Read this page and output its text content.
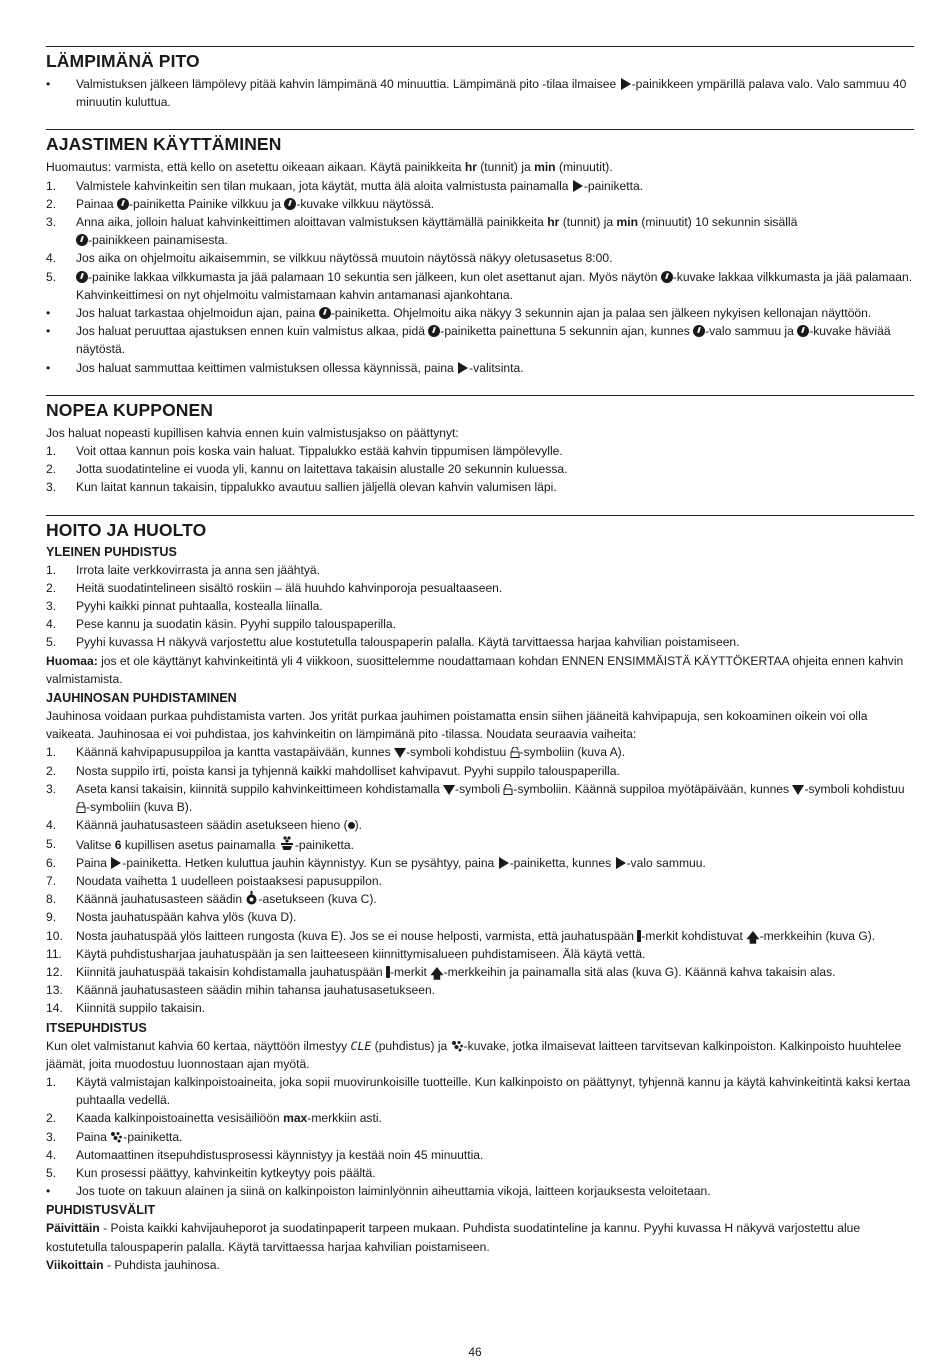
LÄMPIMÄNÄ PITO
•	Valmistuksen jälkeen lämpölevy pitää kahvin lämpimänä 40 minuuttia. Lämpimänä pito -tilaa ilmaisee -painikkeen ympärillä palava valo. Valo sammuu 40 minuutin kuluttua.
AJASTIMEN KÄYTTÄMINEN

Huomautus: varmista, että kello on asetettu oikeaan aikaan. Käytä painikkeita hr (tunnit) ja min (minuutit).

1.	Valmistele kahvinkeitin sen tilan mukaan, jota käytät, mutta älä aloita valmistusta painamalla -painiketta.
2.	Painaa -painiketta Painike vilkkuu ja -kuvake vilkkuu näytössä.
3.	Anna aika, jolloin haluat kahvinkeittimen aloittavan valmistuksen käyttämällä painikkeita hr (tunnit) ja min (minuutit) 10 sekunnin sisällä
-painikkeen painamisesta.
4.	Jos aika on ohjelmoitu aikaisemmin, se vilkkuu näytössä muutoin näytössä näkyy oletusasetus 8:00.
5.	-painike lakkaa vilkkumasta ja jää palamaan 10 sekuntia sen jälkeen, kun olet asettanut ajan. Myös näytön -kuvake lakkaa vilkkumasta ja jää palamaan. Kahvinkeittimesi on nyt ohjelmoitu valmistamaan kahvin antamanasi ajankohtana.
•	Jos haluat tarkastaa ohjelmoidun ajan, paina -painiketta. Ohjelmoitu aika näkyy 3 sekunnin ajan ja palaa sen jälkeen nykyisen kellonajan näyttöön.
•	Jos haluat peruuttaa ajastuksen ennen kuin valmistus alkaa, pidä -painiketta painettuna 5 sekunnin ajan, kunnes -valo sammuu ja -kuvake häviää näytöstä.
•	Jos haluat sammuttaa keittimen valmistuksen ollessa käynnissä, paina -valitsinta.
NOPEA KUPPONEN

Jos haluat nopeasti kupillisen kahvia ennen kuin valmistusjakso on päättynyt:

1.	Voit ottaa kannun pois koska vain haluat. Tippalukko estää kahvin tippumisen lämpölevylle.
2.	Jotta suodatinteline ei vuoda yli, kannu on laitettava takaisin alustalle 20 sekunnin kuluessa.
3.	Kun laitat kannun takaisin, tippalukko avautuu sallien jäljellä olevan kahvin valumisen läpi.
HOITO JA HUOLTO
YLEINEN PUHDISTUS
1.	Irrota laite verkkovirrasta ja anna sen jäähtyä.
2.	Heitä suodatintelineen sisältö roskiin – älä huuhdo kahvinporoja pesualtaaseen.
3.	Pyyhi kaikki pinnat puhtaalla, kostealla liinalla.
4.	Pese kannu ja suodatin käsin. Pyyhi suppilo talouspaperilla.
5.	Pyyhi kuvassa H näkyvä varjostettu alue kostutetulla talouspaperin palalla. Käytä tarvittaessa harjaa kahvilian poistamiseen.

Huomaa: jos et ole käyttänyt kahvinkeitintä yli 4 viikkoon, suosittelemme noudattamaan kohdan ENNEN ENSIMMÄISTÄ KÄYTTÖKERTAA ohjeita ennen kahvin valmistamista.

JAUHINOSAN PUHDISTAMINEN

Jauhinosa voidaan purkaa puhdistamista varten. Jos yrität purkaa jauhimen poistamatta ensin siihen jääneitä kahvipapuja, sen kokoaminen oikein voi olla vaikeata. Jauhinosaa ei voi puhdistaa, jos kahvinkeitin on lämpimänä pito -tilassa. Noudata seuraavia vaiheita:

1.	Käännä kahvipapusuppiloa ja kantta vastapäivään, kunnes -symboli kohdistuu -symboliin (kuva A).
2.	Nosta suppilo irti, poista kansi ja tyhjennä kaikki mahdolliset kahvipavut. Pyyhi suppilo talouspaperilla.
3.	Aseta kansi takaisin, kiinnitä suppilo kahvinkeittimeen kohdistamalla -symboli -symboliin. Käännä suppiloa myötäpäivään, kunnes -symboli kohdistuu -symboliin (kuva B).
4.	Käännä jauhatusasteen säädin asetukseen hieno ( ).
5.	Valitse 6 kupillisen asetus painamalla -painiketta.
6.	Paina -painiketta. Hetken kuluttua jauhin käynnistyy. Kun se pysähtyy, paina -painiketta, kunnes -valo sammuu.
7.	Noudata vaihetta 1 uudelleen poistaaksesi papusuppilon.
8.	Käännä jauhatusasteen säädin -asetukseen (kuva C).
9.	Nosta jauhatuspään kahva ylös (kuva D).
10.	Nosta jauhatuspää ylös laitteen rungosta (kuva E). Jos se ei nouse helposti, varmista, että jauhatuspään -merkit kohdistuvat 🡅-merkkeihin (kuva G).
11.	Käytä puhdistusharjaa jauhatuspään ja sen laitteeseen kiinnittymisalueen puhdistamiseen. Älä käytä vettä.
12.	Kiinnitä jauhatuspää takaisin kohdistamalla jauhatuspään -merkit 🡅-merkkeihin ja painamalla sitä alas (kuva G). Käännä kahva takaisin alas.
13.	Käännä jauhatusasteen säädin mihin tahansa jauhatusasetukseen.
14.	Kiinnitä suppilo takaisin.
ITSEPUHDISTUS

Kun olet valmistanut kahvia 60 kertaa, näyttöön ilmestyy CLE (puhdistus) ja -kuvake, jotka ilmaisevat laitteen tarvitsevan kalkinpoiston. Kalkinpoisto huuhtelee jäämät, joita muodostuu luonnostaan ajan myötä.

1.	Käytä valmistajan kalkinpoistoaineita, joka sopii muovirunkoisille tuotteille. Kun kalkinpoisto on päättynyt, tyhjennä kannu ja käytä kahvinkeitintä kaksi kertaa puhtaalla vedellä.
2.	Kaada kalkinpoistoainetta vesisäiliöön max-merkkiin asti.
3.	Paina -painiketta.
4.	Automaattinen itsepuhdistusprosessi käynnistyy ja kestää noin 45 minuuttia.
5.	Kun prosessi päättyy, kahvinkeitin kytkeytyy pois päältä.
•	Jos tuote on takuun alainen ja siinä on kalkinpoiston laiminlyönnin aiheuttamia vikoja, laitteen korjauksesta veloitetaan.
PUHDISTUSVÄLIT

Päivittäin - Poista kaikki kahvijauheporot ja suodatinpaperit tarpeen mukaan. Puhdista suodatinteline ja kannu. Pyyhi kuvassa H näkyvä varjostettu alue kostutetulla talouspaperin palalla. Käytä tarvittaessa harjaa kahvilian poistamiseen.

Viikoittain - Puhdista jauhinosa.

46
